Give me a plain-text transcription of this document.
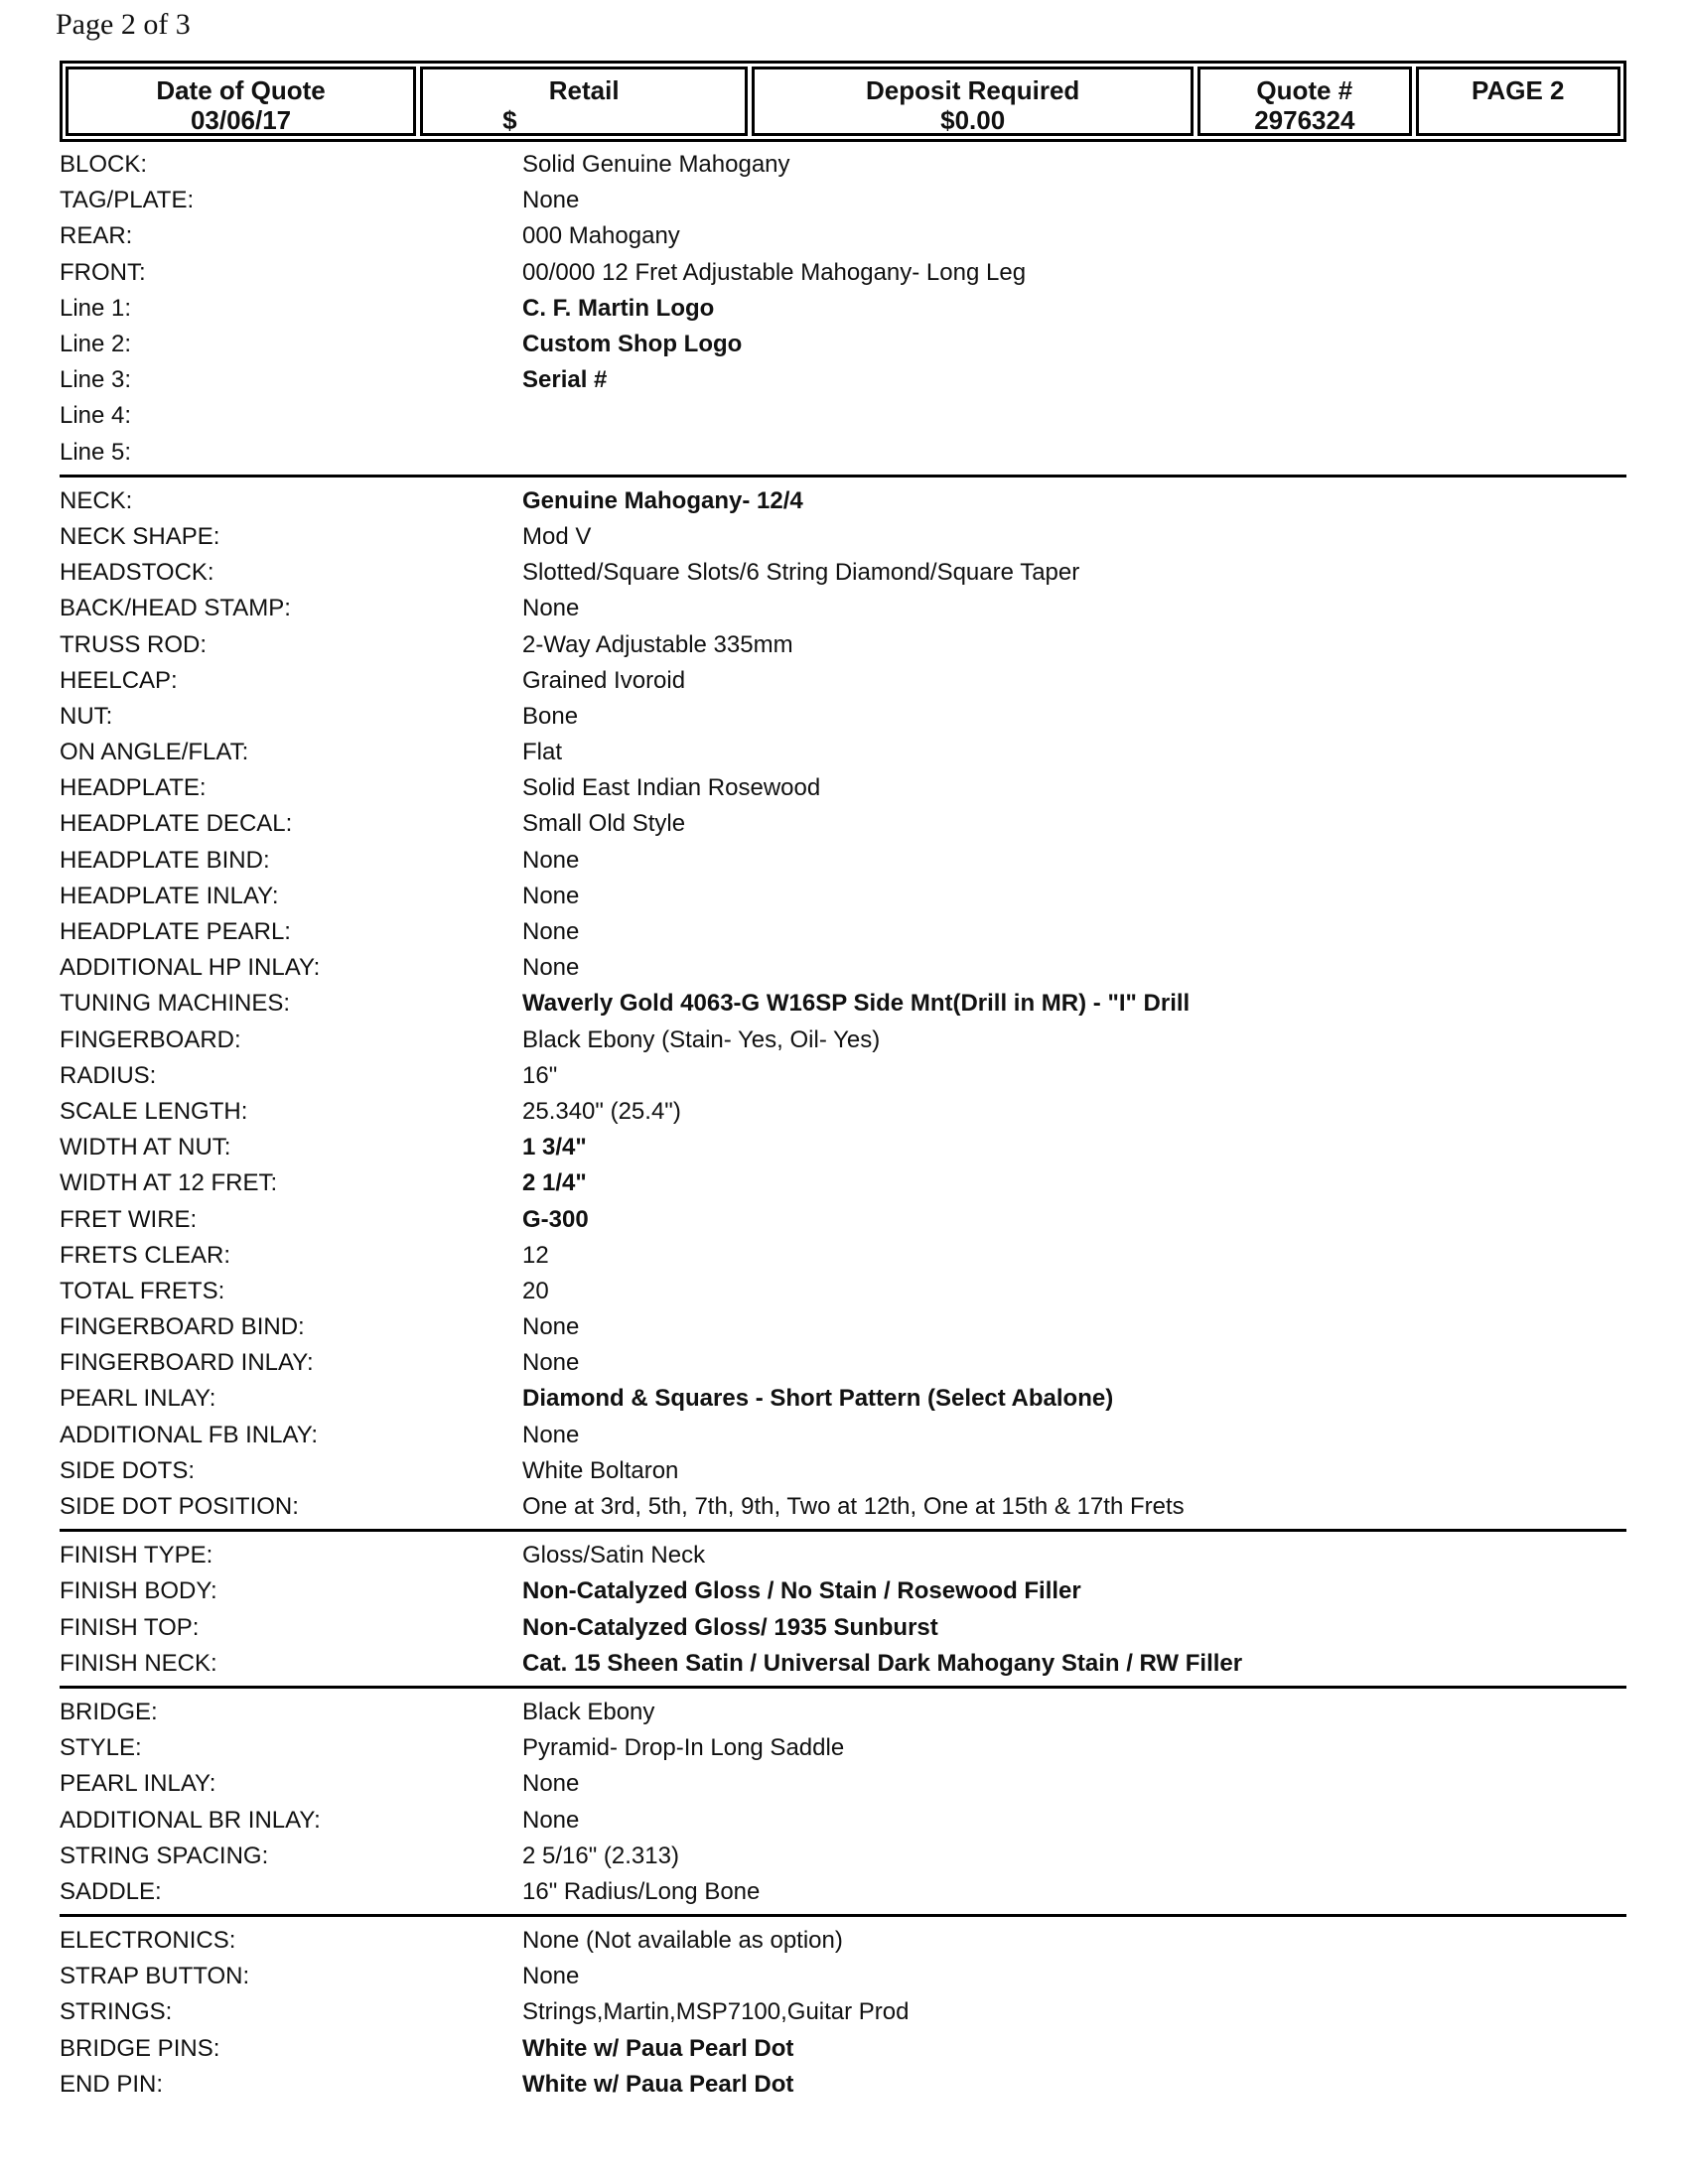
Page 2 of 3
Date of Quote
03/06/17
Retail
$
Deposit Required
$0.00
Quote #
2976324
PAGE 2
BLOCK:	Solid Genuine Mahogany
TAG/PLATE:	None
REAR:	000 Mahogany
FRONT:	00/000 12 Fret Adjustable Mahogany- Long Leg
Line 1:	C. F. Martin Logo
Line 2:	Custom Shop Logo
Line 3:	Serial #
Line 4:
Line 5:
NECK:	Genuine Mahogany- 12/4
NECK SHAPE:	Mod V
HEADSTOCK:	Slotted/Square Slots/6 String Diamond/Square Taper
BACK/HEAD STAMP:	None
TRUSS ROD:	2-Way Adjustable 335mm
HEELCAP:	Grained Ivoroid
NUT:	Bone
ON ANGLE/FLAT:	Flat
HEADPLATE:	Solid East Indian Rosewood
HEADPLATE DECAL:	Small Old Style
HEADPLATE BIND:	None
HEADPLATE INLAY:	None
HEADPLATE PEARL:	None
ADDITIONAL HP INLAY:	None
TUNING MACHINES:	Waverly Gold 4063-G W16SP Side Mnt(Drill in MR) - "I" Drill
FINGERBOARD:	Black Ebony (Stain- Yes, Oil- Yes)
RADIUS:	16"
SCALE LENGTH:	25.340" (25.4")
WIDTH AT NUT:	1 3/4"
WIDTH AT 12 FRET:	2 1/4"
FRET WIRE:	G-300
FRETS CLEAR:	12
TOTAL FRETS:	20
FINGERBOARD BIND:	None
FINGERBOARD INLAY:	None
PEARL INLAY:	Diamond & Squares - Short Pattern (Select Abalone)
ADDITIONAL FB INLAY:	None
SIDE DOTS:	White Boltaron
SIDE DOT POSITION:	One at 3rd, 5th, 7th, 9th, Two at 12th, One at 15th & 17th Frets
FINISH TYPE:	Gloss/Satin Neck
FINISH BODY:	Non-Catalyzed Gloss / No Stain / Rosewood Filler
FINISH TOP:	Non-Catalyzed Gloss/ 1935 Sunburst
FINISH NECK:	Cat. 15 Sheen Satin / Universal Dark Mahogany Stain / RW Filler
BRIDGE:	Black Ebony
STYLE:	Pyramid- Drop-In Long Saddle
PEARL INLAY:	None
ADDITIONAL BR INLAY:	None
STRING SPACING:	2 5/16" (2.313)
SADDLE:	16" Radius/Long Bone
ELECTRONICS:	None (Not available as option)
STRAP BUTTON:	None
STRINGS:	Strings,Martin,MSP7100,Guitar Prod
BRIDGE PINS:	White w/ Paua Pearl Dot
END PIN:	White w/ Paua Pearl Dot
